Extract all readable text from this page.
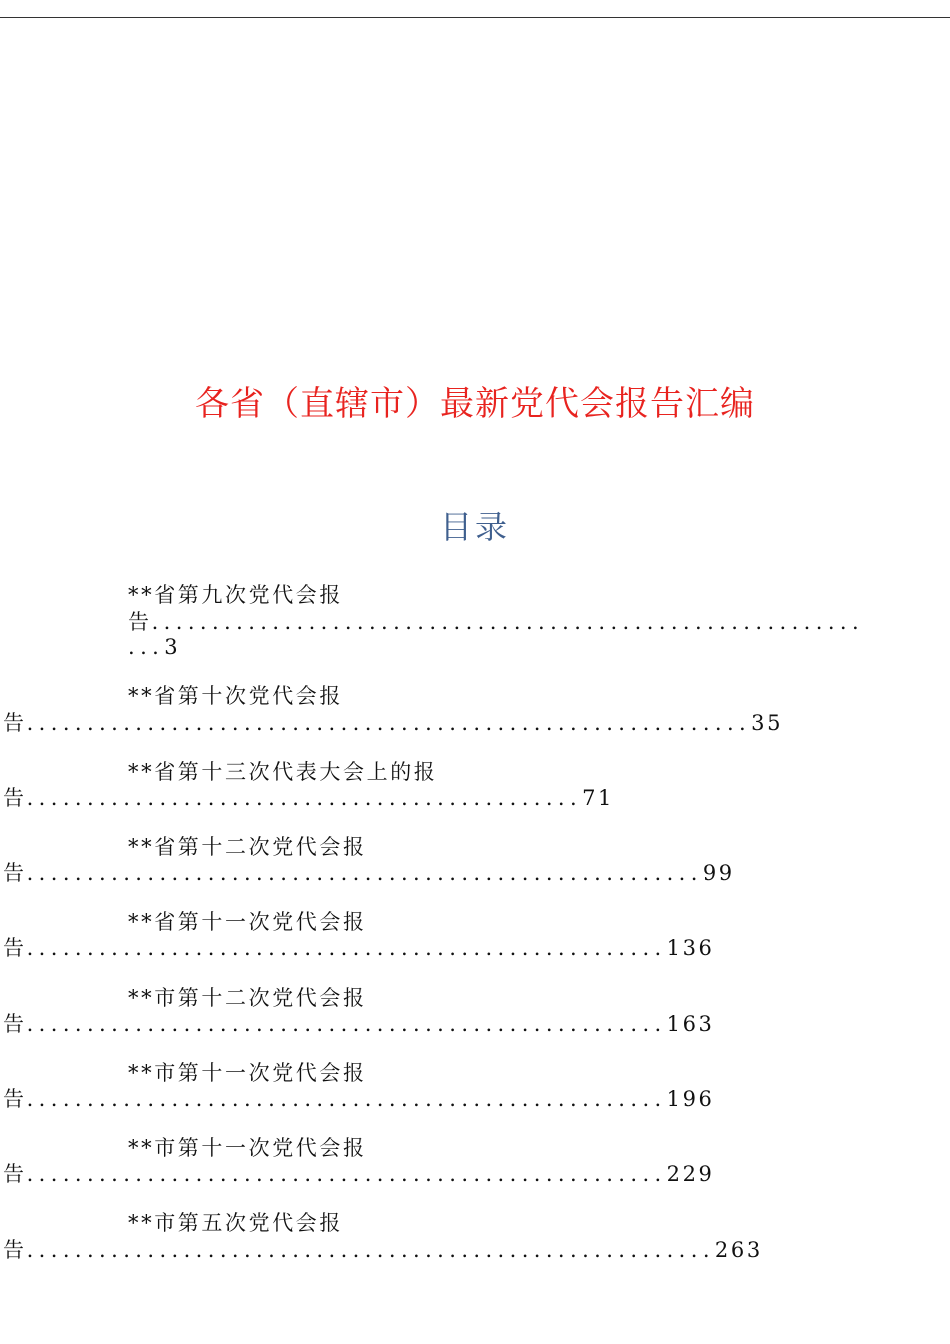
各省（直辖市）最新党代会报告汇编
目录
**省第九次党代会报
告...........................................................
...3
**省第十次党代会报
告............................................................35
**省第十三次代表大会上的报
告..............................................71
**省第十二次党代会报
告........................................................99
**省第十一次党代会报
告.....................................................136
**市第十二次党代会报
告.....................................................163
**市第十一次党代会报
告.....................................................196
**市第十一次党代会报
告.....................................................229
**市第五次党代会报
告.........................................................263
